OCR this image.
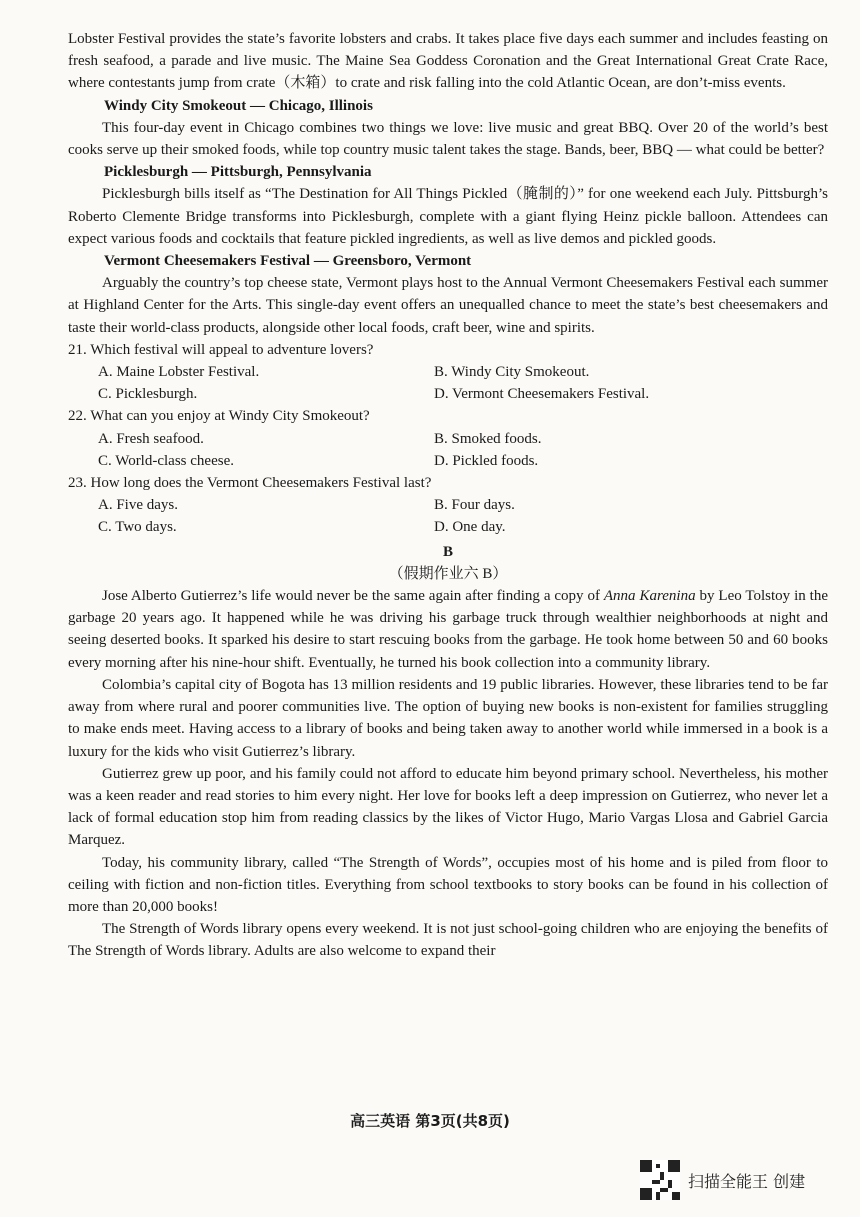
Lobster Festival provides the state’s favorite lobsters and crabs. It takes place five days each summer and includes feasting on fresh seafood, a parade and live music. The Maine Sea Goddess Coronation and the Great International Great Crate Race, where contestants jump from crate（木箱）to crate and risk falling into the cold Atlantic Ocean, are don’t-miss events.

Windy City Smokeout — Chicago, Illinois

This four-day event in Chicago combines two things we love: live music and great BBQ. Over 20 of the world’s best cooks serve up their smoked foods, while top country music talent takes the stage. Bands, beer, BBQ — what could be better?

Picklesburgh — Pittsburgh, Pennsylvania

Picklesburgh bills itself as “The Destination for All Things Pickled（腌制的）” for one weekend each July. Pittsburgh’s Roberto Clemente Bridge transforms into Picklesburgh, complete with a giant flying Heinz pickle balloon. Attendees can expect various foods and cocktails that feature pickled ingredients, as well as live demos and pickled goods.

Vermont Cheesemakers Festival — Greensboro, Vermont

Arguably the country’s top cheese state, Vermont plays host to the Annual Vermont Cheesemakers Festival each summer at Highland Center for the Arts. This single-day event offers an unequalled chance to meet the state’s best cheesemakers and taste their world-class products, alongside other local foods, craft beer, wine and spirits.

21. Which festival will appeal to adventure lovers?

A. Maine Lobster Festival.	B. Windy City Smokeout.
C. Picklesburgh.	D. Vermont Cheesemakers Festival.

22. What can you enjoy at Windy City Smokeout?

A. Fresh seafood.	B. Smoked foods.
C. World-class cheese.	D. Pickled foods.

23. How long does the Vermont Cheesemakers Festival last?

A. Five days.	B. Four days.
C. Two days.	D. One day.

B

（假期作业六 B）

Jose Alberto Gutierrez’s life would never be the same again after finding a copy of Anna Karenina by Leo Tolstoy in the garbage 20 years ago. It happened while he was driving his garbage truck through wealthier neighborhoods at night and seeing deserted books. It sparked his desire to start rescuing books from the garbage. He took home between 50 and 60 books every morning after his nine-hour shift. Eventually, he turned his book collection into a community library.

Colombia’s capital city of Bogota has 13 million residents and 19 public libraries. However, these libraries tend to be far away from where rural and poorer communities live. The option of buying new books is non-existent for families struggling to make ends meet. Having access to a library of books and being taken away to another world while immersed in a book is a luxury for the kids who visit Gutierrez’s library.

Gutierrez grew up poor, and his family could not afford to educate him beyond primary school. Nevertheless, his mother was a keen reader and read stories to him every night. Her love for books left a deep impression on Gutierrez, who never let a lack of formal education stop him from reading classics by the likes of Victor Hugo, Mario Vargas Llosa and Gabriel Garcia Marquez.

Today, his community library, called “The Strength of Words”, occupies most of his home and is piled from floor to ceiling with fiction and non-fiction titles. Everything from school textbooks to story books can be found in his collection of more than 20,000 books!

The Strength of Words library opens every weekend. It is not just school-going children who are enjoying the benefits of The Strength of Words library. Adults are also welcome to expand their

高三英语 第3页(共8页)
扫描全能王 创建
